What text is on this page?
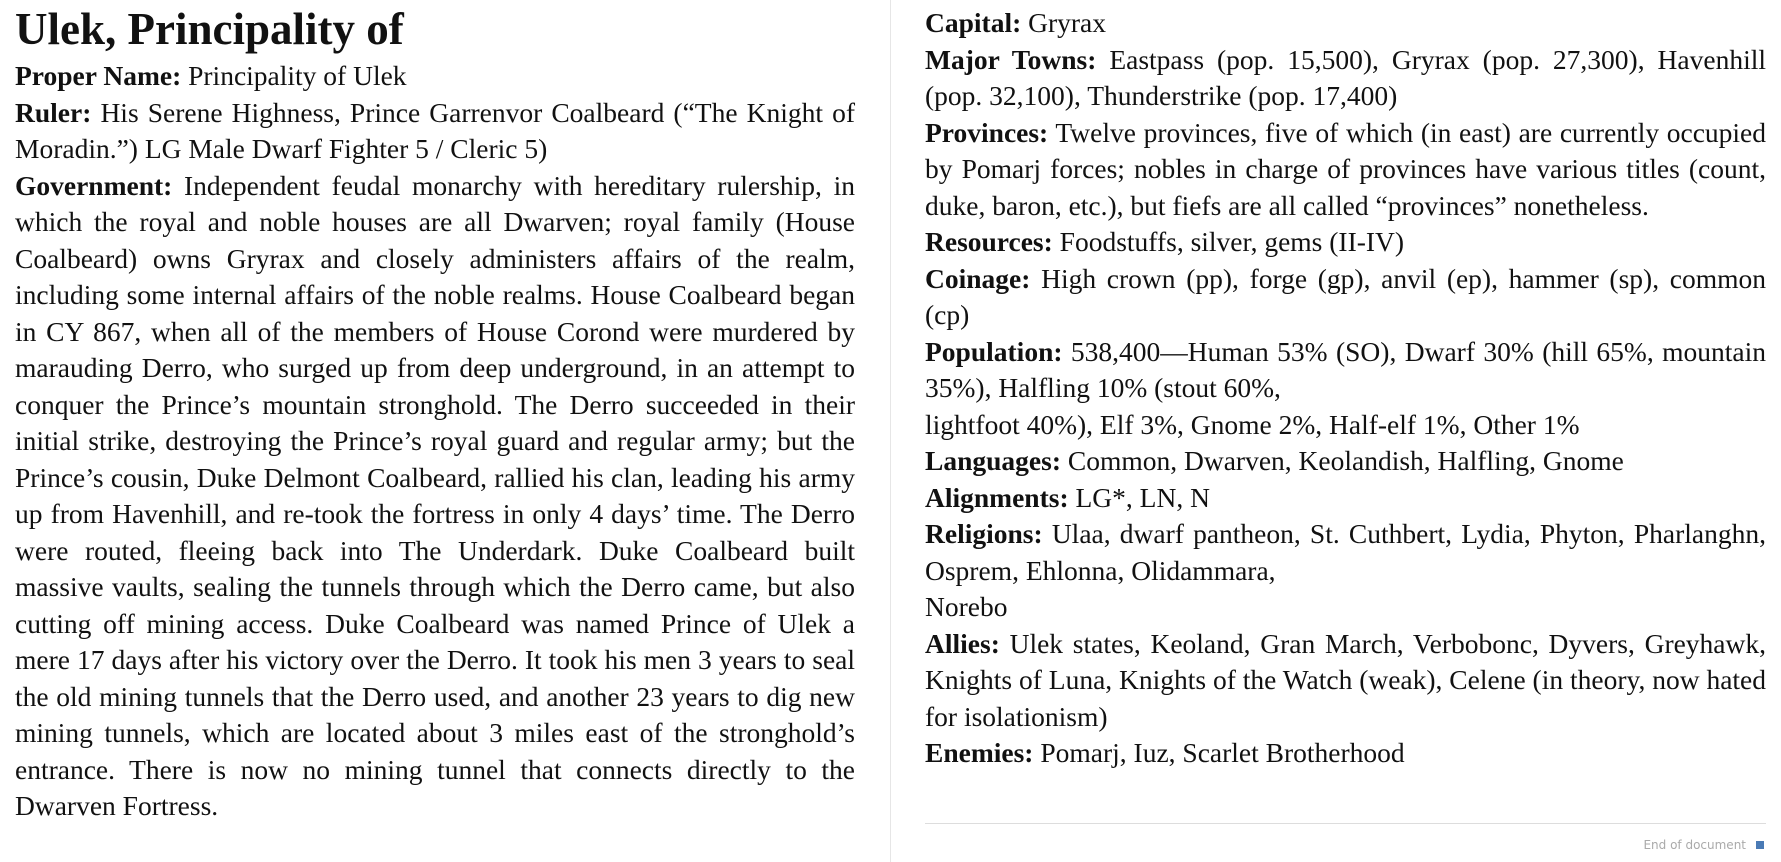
Ulek, Principality of

Proper Name: Principality of Ulek

Ruler: His Serene Highness, Prince Garrenvor Coalbeard (“The Knight of Moradin.”) LG Male Dwarf Fighter 5 / Cleric 5)

Government: Independent feudal monarchy with hereditary rulership, in which the royal and noble houses are all Dwarven; royal family (House Coalbeard) owns Gryrax and closely administers affairs of the realm, including some internal affairs of the noble realms. House Coalbeard began in CY 867, when all of the members of House Corond were murdered by marauding Derro, who surged up from deep underground, in an attempt to conquer the Prince’s mountain stronghold. The Derro succeeded in their initial strike, destroying the Prince’s royal guard and regular army; but the Prince’s cousin, Duke Delmont Coalbeard, rallied his clan, leading his army up from Havenhill, and re-took the fortress in only 4 days’ time. The Derro were routed, fleeing back into The Underdark. Duke Coalbeard built massive vaults, sealing the tunnels through which the Derro came, but also cutting off mining access. Duke Coalbeard was named Prince of Ulek a mere 17 days after his victory over the Derro. It took his men 3 years to seal the old mining tunnels that the Derro used, and another 23 years to dig new mining tunnels, which are located about 3 miles east of the stronghold’s entrance. There is now no mining tunnel that connects directly to the Dwarven Fortress.

Capital: Gryrax

Major Towns: Eastpass (pop. 15,500), Gryrax (pop. 27,300), Havenhill (pop. 32,100), Thunderstrike (pop. 17,400)

Provinces: Twelve provinces, five of which (in east) are currently occupied by Pomarj forces; nobles in charge of provinces have various titles (count, duke, baron, etc.), but fiefs are all called “provinces” nonetheless.

Resources: Foodstuffs, silver, gems (II-IV)

Coinage: High crown (pp), forge (gp), anvil (ep), hammer (sp), common (cp)

Population: 538,400—Human 53% (SO), Dwarf 30% (hill 65%, mountain 35%), Halfling 10% (stout 60%,
lightfoot 40%), Elf 3%, Gnome 2%, Half-elf 1%, Other 1%

Languages: Common, Dwarven, Keolandish, Halfling, Gnome

Alignments: LG*, LN, N

Religions: Ulaa, dwarf pantheon, St. Cuthbert, Lydia, Phyton, Pharlanghn, Osprem, Ehlonna, Olidammara,
Norebo

Allies: Ulek states, Keoland, Gran March, Verbobonc, Dyvers, Greyhawk, Knights of Luna, Knights of the Watch (weak), Celene (in theory, now hated for isolationism)

Enemies: Pomarj, Iuz, Scarlet Brotherhood

End of document
